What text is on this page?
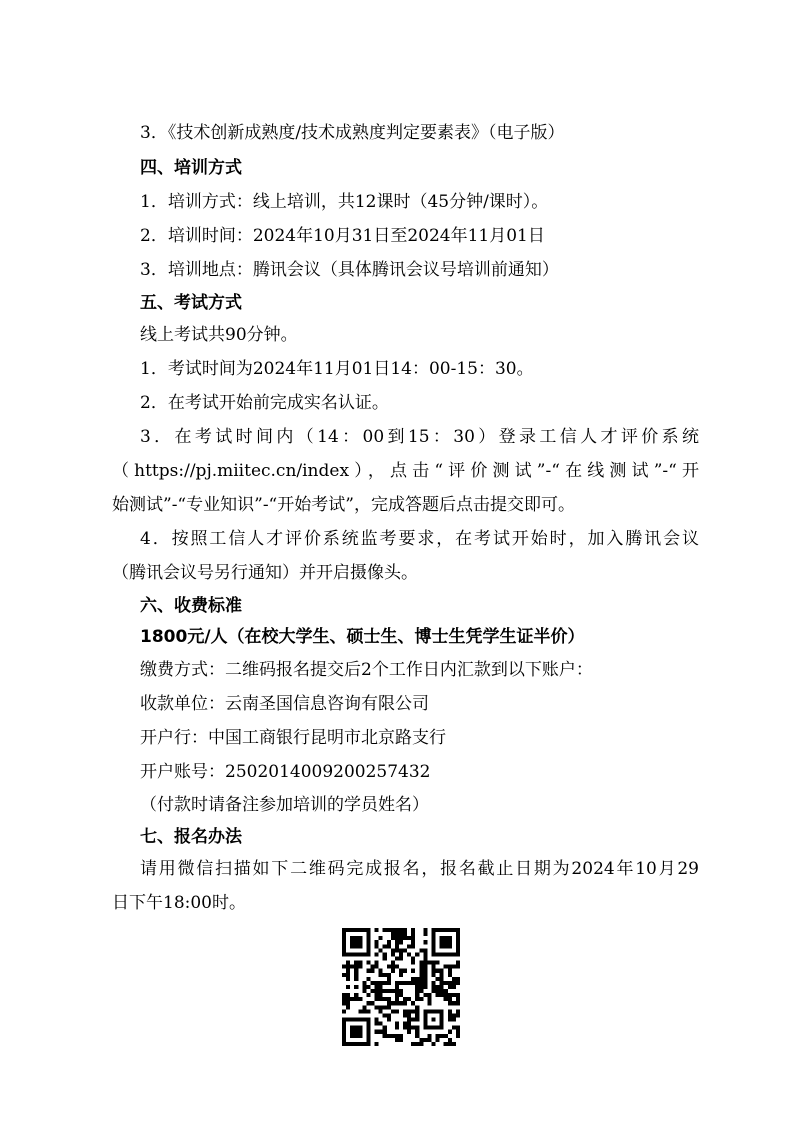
3．《技术创新成熟度/技术成熟度判定要素表》（电子版）
四、培训方式
1．培训方式：线上培训，共12课时（45分钟/课时）。
2．培训时间：2024年10月31日至2024年11月01日
3．培训地点：腾讯会议（具体腾讯会议号培训前通知）
五、考试方式
线上考试共90分钟。
1．考试时间为2024年11月01日14：00-15：30。
2．在考试开始前完成实名认证。
3．在考试时间内（14：00到15：30）登录工信人才评价系统
（https://pj.miitec.cn/index），点击“评价测试”-“在线测试”-“开
始测试”-“专业知识”-“开始考试”，完成答题后点击提交即可。
4．按照工信人才评价系统监考要求，在考试开始时，加入腾讯会议
（腾讯会议号另行通知）并开启摄像头。
六、收费标准
1800元/人（在校大学生、硕士生、博士生凭学生证半价）
缴费方式：二维码报名提交后2个工作日内汇款到以下账户：
收款单位：云南圣国信息咨询有限公司
开户行：中国工商银行昆明市北京路支行
开户账号：2502014009200257432
（付款时请备注参加培训的学员姓名）
七、报名办法
请用微信扫描如下二维码完成报名，报名截止日期为2024年10月29
日下午18:00时。
